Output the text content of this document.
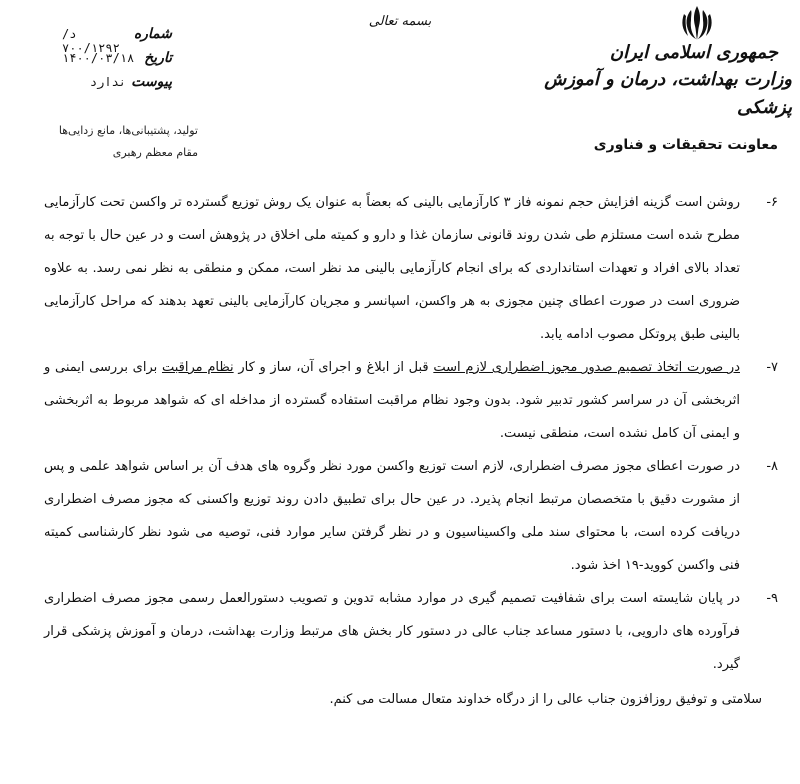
بسمه تعالی
جمهوری اسلامی ایران
وزارت بهداشت، درمان و آموزش پزشکی
معاونت تحقیقات و فناوری
شماره
د/۷۰۰/۱۲۹۲
تاریخ
۱۴۰۰/۰۳/۱۸
پیوست
ندارد
تولید، پشتیبانی‌ها، مانع زدایی‌ها
مقام معظم رهبری
۶-
روشن است گزینه افزایش حجم نمونه فاز ۳ کارآزمایی بالینی که بعضاً به عنوان یک روش توزیع گسترده تر واکسن تحت کارآزمایی مطرح شده است مستلزم طی شدن روند قانونی سازمان غذا و دارو و کمیته ملی اخلاق در پژوهش است و در عین حال با توجه به تعداد بالای افراد و تعهدات استانداردی که برای انجام کارآزمایی بالینی مد نظر است، ممکن و منطقی به نظر نمی رسد. به علاوه ضروری است در صورت اعطای چنین مجوزی به هر واکسن، اسپانسر و مجریان کارآزمایی بالینی تعهد بدهند که مراحل کارآزمایی بالینی طبق پروتکل مصوب ادامه یابد.
۷-
در صورت اتخاذ تصمیم صدور مجوز اضطراری لازم است قبل از ابلاغ و اجرای آن، ساز و کار نظام مراقبت برای بررسی ایمنی و اثربخشی آن در سراسر کشور تدبیر شود. بدون وجود نظام مراقبت استفاده گسترده از مداخله ای که شواهد مربوط به اثربخشی و ایمنی آن کامل نشده است، منطقی نیست.
۸-
در صورت اعطای مجوز مصرف اضطراری، لازم است توزیع واکسن مورد نظر وگروه های هدف آن بر اساس شواهد علمی و پس از مشورت دقیق با متخصصان مرتبط انجام پذیرد. در عین حال برای تطبیق دادن روند توزیع واکسنی که مجوز مصرف اضطراری دریافت کرده است، با محتوای سند ملی واکسیناسیون و در نظر گرفتن سایر موارد فنی، توصیه می شود نظر کارشناسی کمیته فنی واکسن کووید-۱۹ اخذ شود.
۹-
در پایان شایسته است برای شفافیت تصمیم گیری در موارد مشابه تدوین و تصویب دستورالعمل رسمی مجوز مصرف اضطراری فرآورده های دارویی، با دستور مساعد جناب عالی در دستور کار بخش های مرتبط وزارت بهداشت، درمان و آموزش پزشکی قرار گیرد.
سلامتی و توفیق روزافزون جناب عالی را از درگاه خداوند متعال مسالت می کنم.
